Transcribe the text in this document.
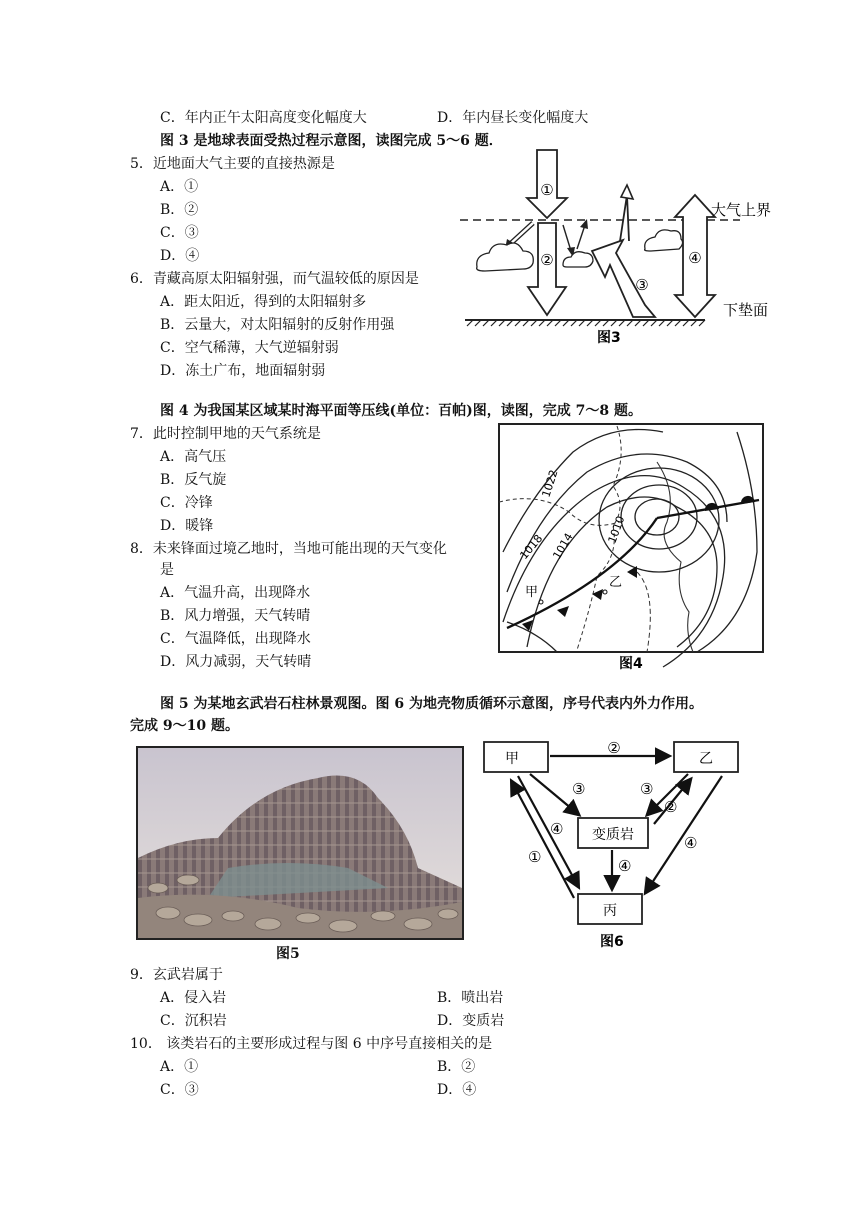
C．年内正午太阳高度变化幅度大	D．年内昼长变化幅度大
图 3 是地球表面受热过程示意图，读图完成 5～6 题．
5．近地面大气主要的直接热源是
A．①
B．②
C．③
D．④
6．青藏高原太阳辐射强，而气温较低的原因是
A．距太阳近，得到的太阳辐射多
B．云量大，对太阳辐射的反射作用强
C．空气稀薄，大气逆辐射弱
D．冻土广布，地面辐射弱
①
②
③
④
大气上界
下垫面
图3
图 4 为我国某区域某时海平面等压线(单位：百帕)图，读图，完成 7～8 题。
7．此时控制甲地的天气系统是
A．高气压
B．反气旋
C．冷锋
D．暖锋
8．未来锋面过境乙地时，当地可能出现的天气变化
是
A．气温升高，出现降水
B．风力增强，天气转晴
C．气温降低，出现降水
D．风力减弱，天气转晴
1022
1018 1014
1010
甲
乙
图4
图 5 为某地玄武岩石柱林景观图。图 6 为地壳物质循环示意图，序号代表内外力作用。
完成 9～10 题。
图5
甲	乙
变质岩
丙
②
③	③
②
④
④
①
④
图6
9．玄武岩属于
A．侵入岩	B．喷出岩
C．沉积岩	D．变质岩
10． 该类岩石的主要形成过程与图 6 中序号直接相关的是
A．①	B．②
C．③	D．④
